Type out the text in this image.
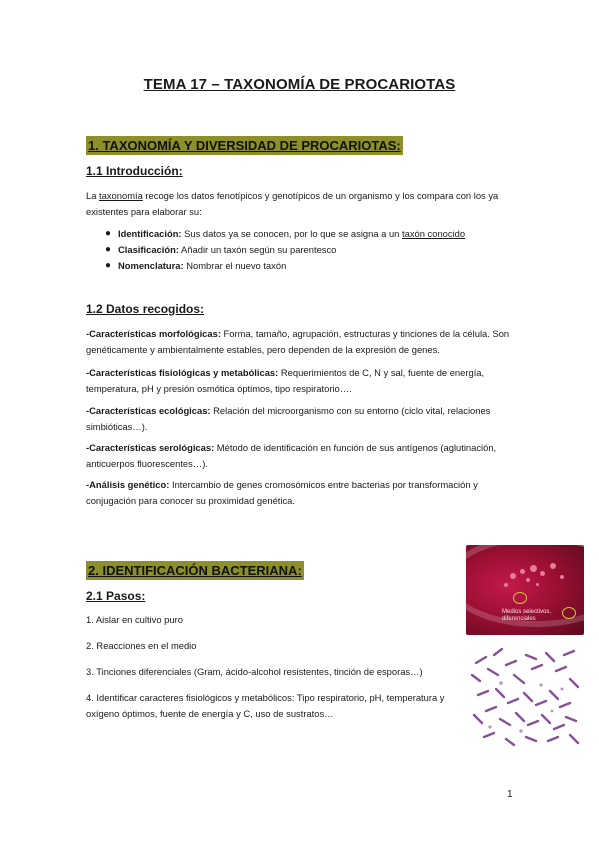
TEMA 17 – TAXONOMÍA DE PROCARIOTAS
1. TAXONOMÍA Y DIVERSIDAD DE PROCARIOTAS:
1.1 Introducción:
La taxonomía recoge los datos fenotípicos y genotípicos de un organismo y los compara con los ya existentes para elaborar su:
● Identificación: Sus datos ya se conocen, por lo que se asigna a un taxón conocido
● Clasificación: Añadir un taxón según su parentesco
● Nomenclatura: Nombrar el nuevo taxón
1.2 Datos recogidos:
-Características morfológicas: Forma, tamaño, agrupación, estructuras y tinciones de la célula. Son genéticamente y ambientalmente estables, pero dependen de la expresión de genes.
-Características fisiológicas y metabólicas: Requerimientos de C, N y sal, fuente de energía, temperatura, pH y presión osmótica óptimos, tipo respiratorio….
-Características ecológicas: Relación del microorganismo con su entorno (ciclo vital, relaciones simbióticas…).
-Características serológicas: Método de identificación en función de sus antígenos (aglutinación, anticuerpos fluorescentes…).
-Análisis genético: Intercambio de genes cromosómicos entre bacterias por transformación y conjugación para conocer su proximidad genética.
2. IDENTIFICACIÓN BACTERIANA:
2.1 Pasos:
1. Aislar en cultivo puro
2. Reacciones en el medio
3. Tinciones diferenciales (Gram, ácido-alcohol resistentes, tinción de esporas…)
4. Identificar caracteres fisiológicos y metabólicos: Tipo respiratorio, pH, temperatura y oxígeno óptimos, fuente de energía y C, uso de sustratos…
Medios selectivos, diferenciales
1
